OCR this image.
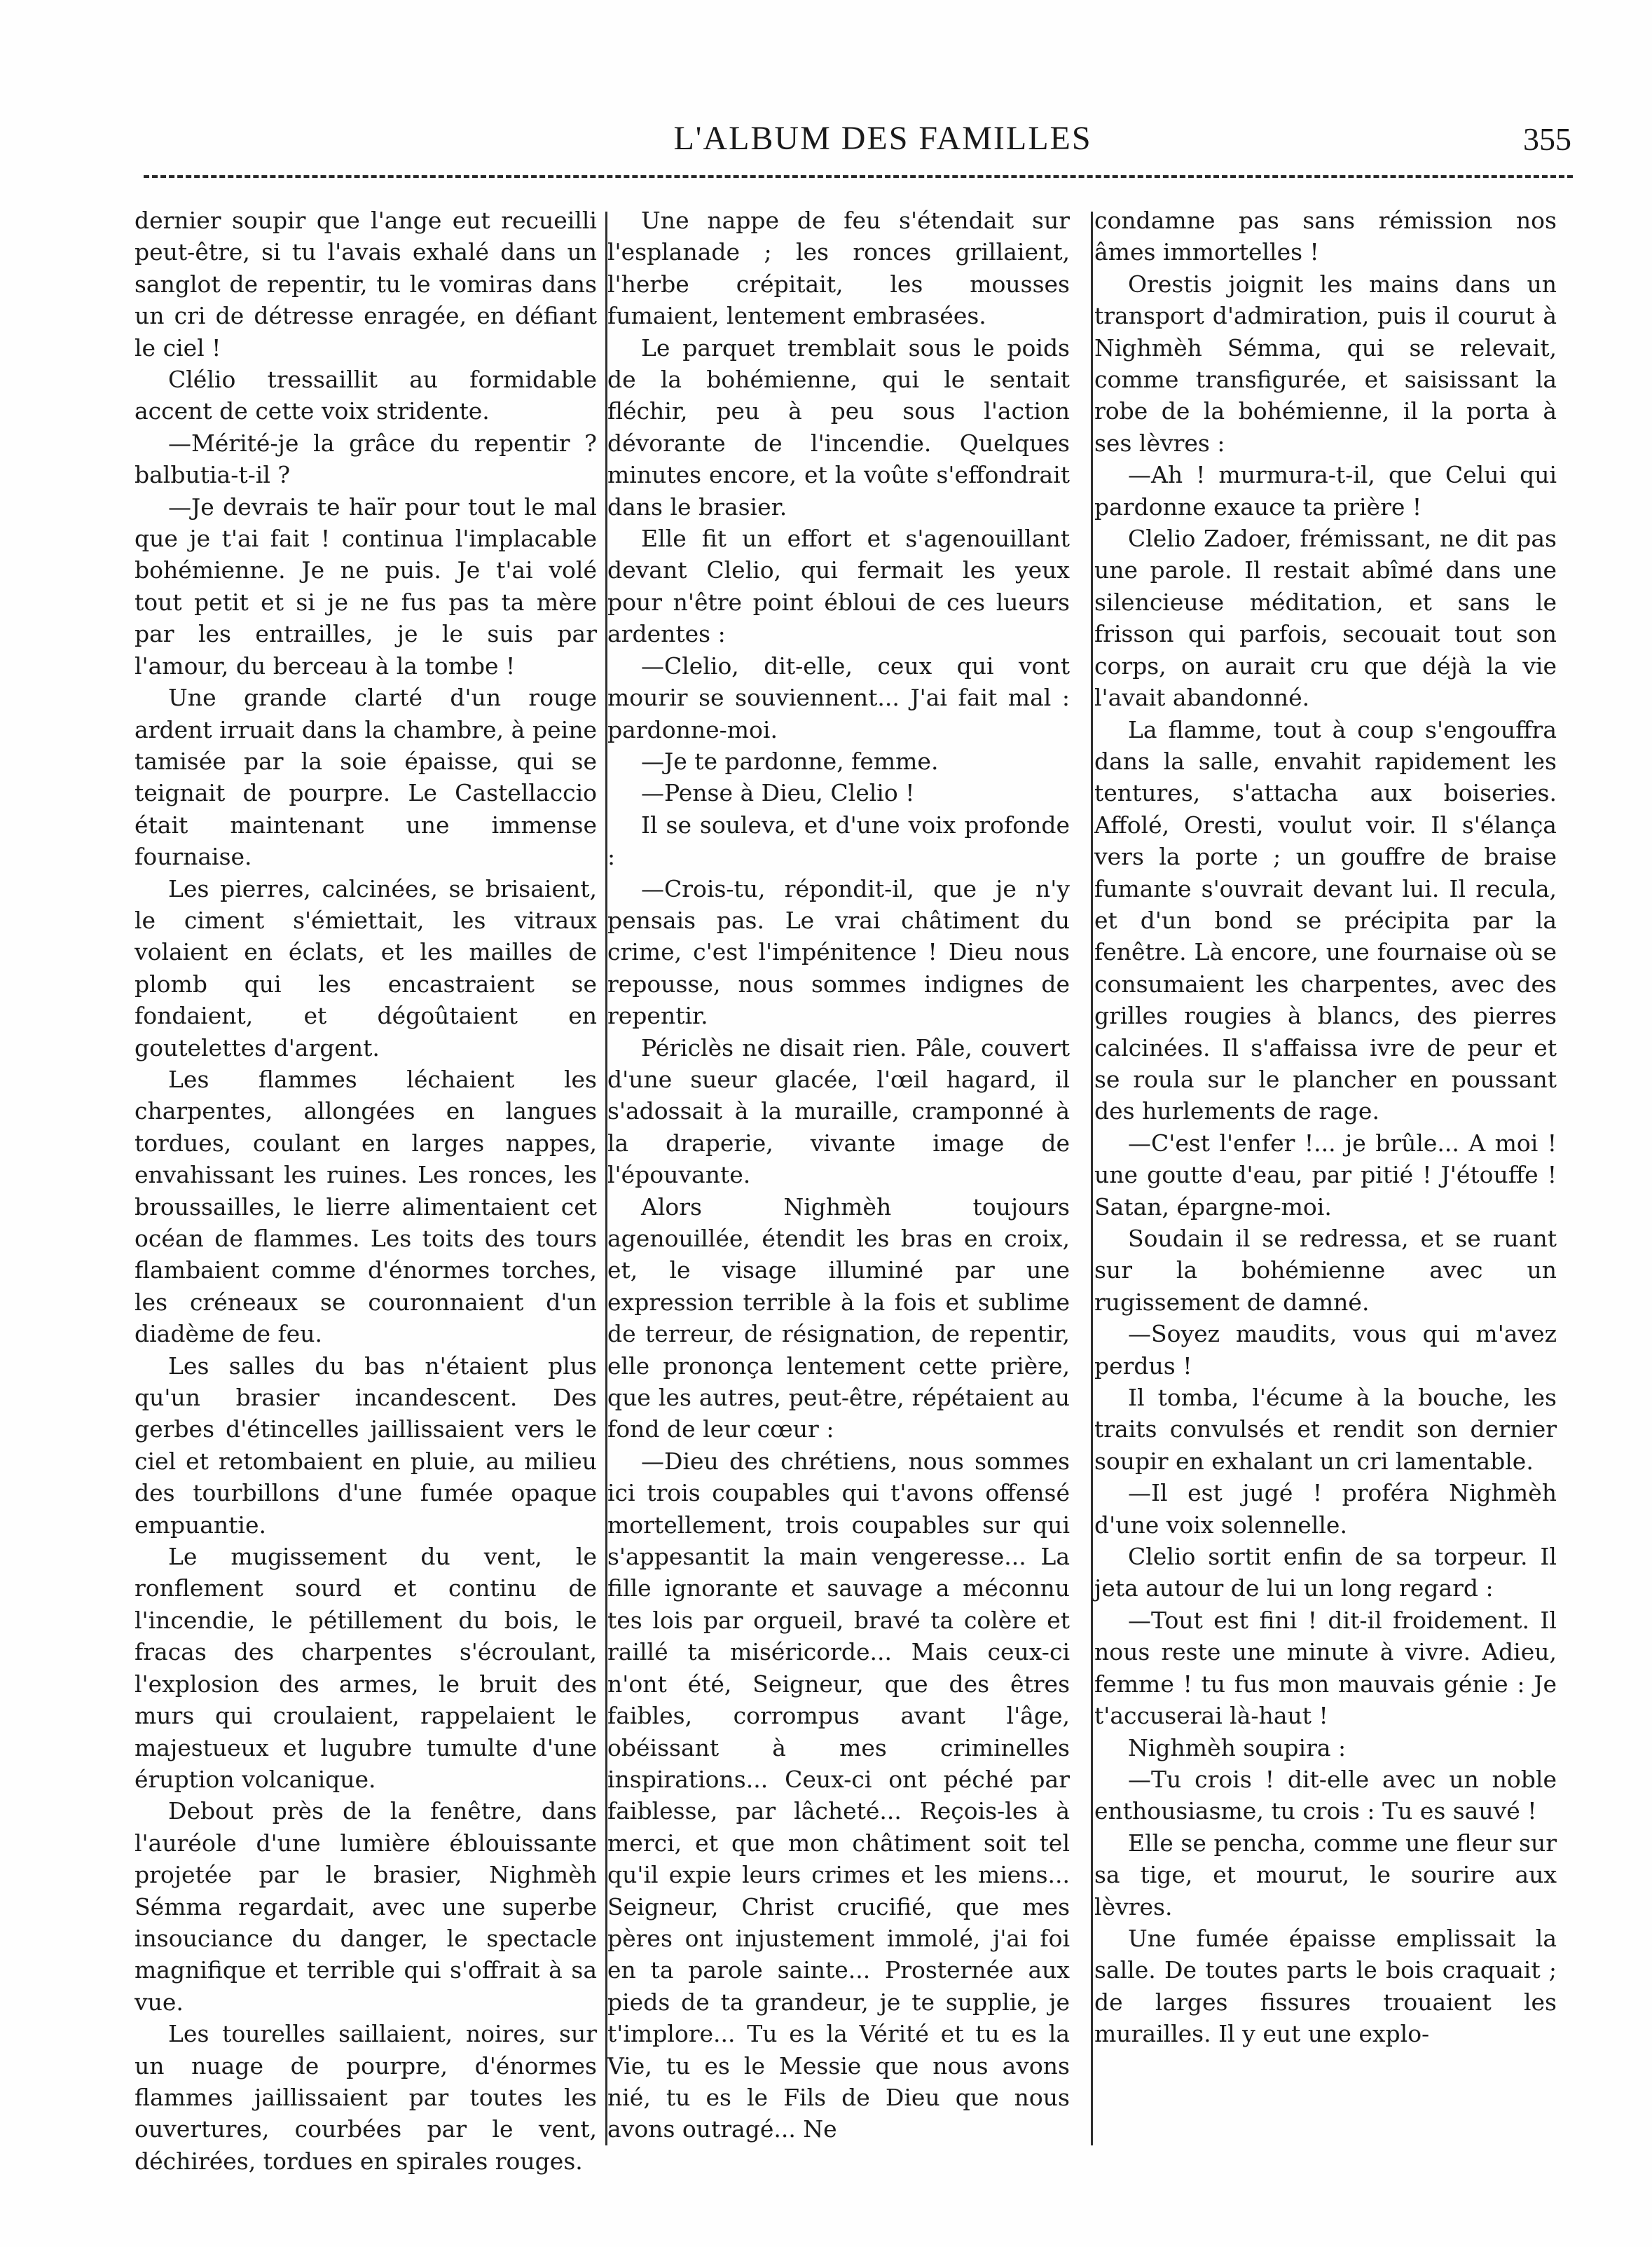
L'ALBUM DES FAMILLES	355

dernier soupir que l'ange eut recueilli peut-être, si tu l'avais exhalé dans un sanglot de repentir, tu le vomiras dans un cri de détresse enragée, en défiant le ciel !

Clélio tressaillit au formidable accent de cette voix stridente.

—Mérité-je la grâce du repentir ? balbutia-t-il ?

—Je devrais te haïr pour tout le mal que je t'ai fait ! continua l'implacable bohémienne. Je ne puis. Je t'ai volé tout petit et si je ne fus pas ta mère par les entrailles, je le suis par l'amour, du berceau à la tombe !

Une grande clarté d'un rouge ardent irruait dans la chambre, à peine tamisée par la soie épaisse, qui se teignait de pourpre. Le Castellaccio était maintenant une immense fournaise.

Les pierres, calcinées, se brisaient, le ciment s'émiettait, les vitraux volaient en éclats, et les mailles de plomb qui les encastraient se fondaient, et dégoûtaient en goutelettes d'argent.

Les flammes léchaient les charpentes, allongées en langues tordues, coulant en larges nappes, envahissant les ruines. Les ronces, les broussailles, le lierre alimentaient cet océan de flammes. Les toits des tours flambaient comme d'énormes torches, les créneaux se couronnaient d'un diadème de feu.

Les salles du bas n'étaient plus qu'un brasier incandescent. Des gerbes d'étincelles jaillissaient vers le ciel et retombaient en pluie, au milieu des tourbillons d'une fumée opaque empuantie.

Le mugissement du vent, le ronflement sourd et continu de l'incendie, le pétillement du bois, le fracas des charpentes s'écroulant, l'explosion des armes, le bruit des murs qui croulaient, rappelaient le majestueux et lugubre tumulte d'une éruption volcanique.

Debout près de la fenêtre, dans l'auréole d'une lumière éblouissante projetée par le brasier, Nighmèh Sémma regardait, avec une superbe insouciance du danger, le spectacle magnifique et terrible qui s'offrait à sa vue.

Les tourelles saillaient, noires, sur un nuage de pourpre, d'énormes flammes jaillissaient par toutes les ouvertures, courbées par le vent, déchirées, tordues en spirales rouges.

Une nappe de feu s'étendait sur l'esplanade ; les ronces grillaient, l'herbe crépitait, les mousses fumaient, lentement embrasées.

Le parquet tremblait sous le poids de la bohémienne, qui le sentait fléchir, peu à peu sous l'action dévorante de l'incendie. Quelques minutes encore, et la voûte s'effondrait dans le brasier.

Elle fit un effort et s'agenouillant devant Clelio, qui fermait les yeux pour n'être point ébloui de ces lueurs ardentes :

—Clelio, dit-elle, ceux qui vont mourir se souviennent... J'ai fait mal : pardonne-moi.

—Je te pardonne, femme.

—Pense à Dieu, Clelio !

Il se souleva, et d'une voix profonde :

—Crois-tu, répondit-il, que je n'y pensais pas. Le vrai châtiment du crime, c'est l'impénitence ! Dieu nous repousse, nous sommes indignes de repentir.

Périclès ne disait rien. Pâle, couvert d'une sueur glacée, l'œil hagard, il s'adossait à la muraille, cramponné à la draperie, vivante image de l'épouvante.

Alors Nighmèh toujours agenouillée, étendit les bras en croix, et, le visage illuminé par une expression terrible à la fois et sublime de terreur, de résignation, de repentir, elle prononça lentement cette prière, que les autres, peut-être, répétaient au fond de leur cœur :

—Dieu des chrétiens, nous sommes ici trois coupables qui t'avons offensé mortellement, trois coupables sur qui s'appesantit la main vengeresse... La fille ignorante et sauvage a méconnu tes lois par orgueil, bravé ta colère et raillé ta miséricorde... Mais ceux-ci n'ont été, Seigneur, que des êtres faibles, corrompus avant l'âge, obéissant à mes criminelles inspirations... Ceux-ci ont péché par faiblesse, par lâcheté... Reçois-les à merci, et que mon châtiment soit tel qu'il expie leurs crimes et les miens... Seigneur, Christ crucifié, que mes pères ont injustement immolé, j'ai foi en ta parole sainte... Prosternée aux pieds de ta grandeur, je te supplie, je t'implore... Tu es la Vérité et tu es la Vie, tu es le Messie que nous avons nié, tu es le Fils de Dieu que nous avons outragé... Ne

condamne pas sans rémission nos âmes immortelles !

Orestis joignit les mains dans un transport d'admiration, puis il courut à Nighmèh Sémma, qui se relevait, comme transfigurée, et saisissant la robe de la bohémienne, il la porta à ses lèvres :

—Ah ! murmura-t-il, que Celui qui pardonne exauce ta prière !

Clelio Zadoer, frémissant, ne dit pas une parole. Il restait abîmé dans une silencieuse méditation, et sans le frisson qui parfois, secouait tout son corps, on aurait cru que déjà la vie l'avait abandonné.

La flamme, tout à coup s'engouffra dans la salle, envahit rapidement les tentures, s'attacha aux boiseries. Affolé, Oresti, voulut voir. Il s'élança vers la porte ; un gouffre de braise fumante s'ouvrait devant lui. Il recula, et d'un bond se précipita par la fenêtre. Là encore, une fournaise où se consumaient les charpentes, avec des grilles rougies à blancs, des pierres calcinées. Il s'affaissa ivre de peur et se roula sur le plancher en poussant des hurlements de rage.

—C'est l'enfer !... je brûle... A moi ! une goutte d'eau, par pitié ! J'étouffe ! Satan, épargne-moi.

Soudain il se redressa, et se ruant sur la bohémienne avec un rugissement de damné.

—Soyez maudits, vous qui m'avez perdus !

Il tomba, l'écume à la bouche, les traits convulsés et rendit son dernier soupir en exhalant un cri lamentable.

—Il est jugé ! proféra Nighmèh d'une voix solennelle.

Clelio sortit enfin de sa torpeur. Il jeta autour de lui un long regard :

—Tout est fini ! dit-il froidement. Il nous reste une minute à vivre. Adieu, femme ! tu fus mon mauvais génie : Je t'accuserai là-haut !

Nighmèh soupira :

—Tu crois ! dit-elle avec un noble enthousiasme, tu crois : Tu es sauvé !

Elle se pencha, comme une fleur sur sa tige, et mourut, le sourire aux lèvres.

Une fumée épaisse emplissait la salle. De toutes parts le bois craquait ; de larges fissures trouaient les murailles. Il y eut une explo-
